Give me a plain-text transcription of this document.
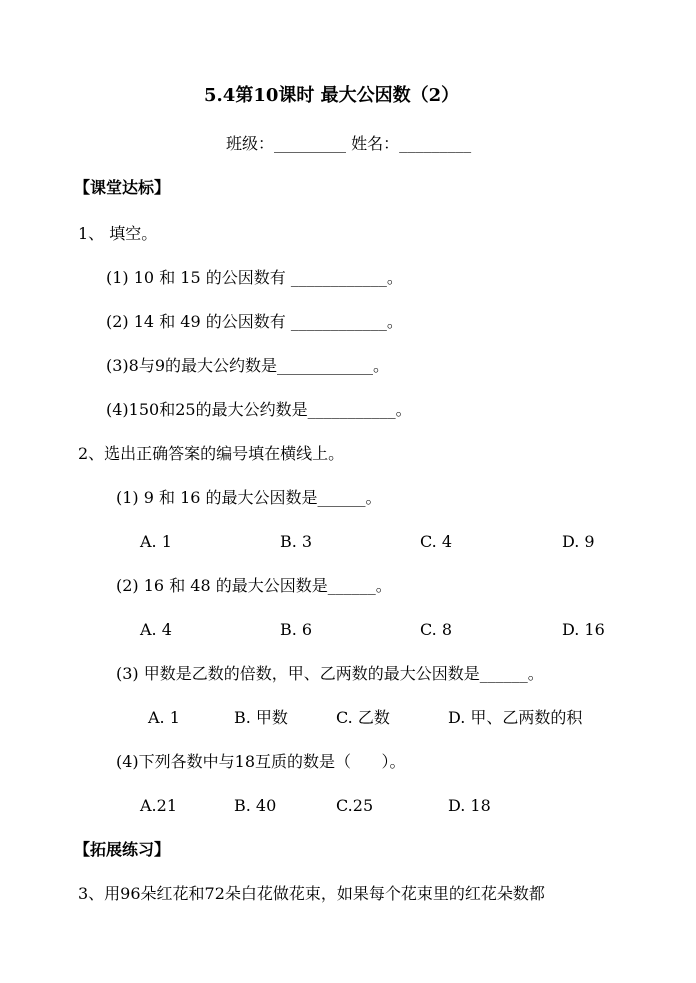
5.4第10课时 最大公因数（2）
班级：_________ 姓名：_________
【课堂达标】
1、 填空。
(1) 10 和 15 的公因数有 ____________。
(2) 14 和 49 的公因数有 ____________。
(3)8与9的最大公约数是____________。
(4)150和25的最大公约数是___________。
2、选出正确答案的编号填在横线上。
(1) 9 和 16 的最大公因数是______。
A. 1	B. 3	C. 4	D. 9
(2) 16 和 48 的最大公因数是______。
A. 4	B. 6	C. 8	D. 16
(3) 甲数是乙数的倍数，甲、乙两数的最大公因数是______。
A. 1	B. 甲数	C. 乙数	D. 甲、乙两数的积
(4)下列各数中与18互质的数是（      ）。
A.21	B. 40	C.25	D. 18
【拓展练习】
3、用96朵红花和72朵白花做花束，如果每个花束里的红花朵数都
